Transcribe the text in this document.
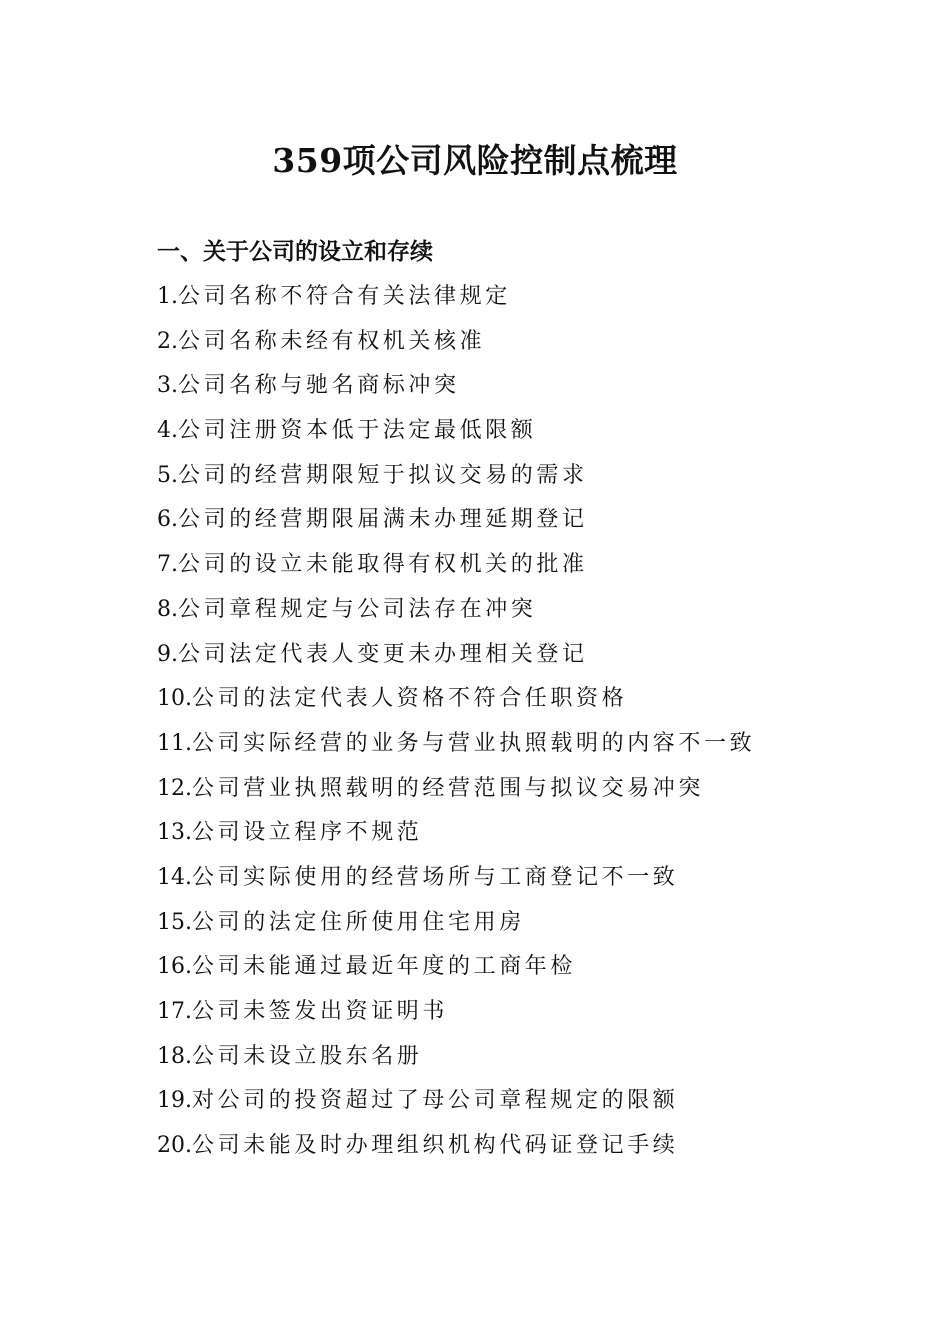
359项公司风险控制点梳理
一、关于公司的设立和存续
1.公司名称不符合有关法律规定
2.公司名称未经有权机关核准
3.公司名称与驰名商标冲突
4.公司注册资本低于法定最低限额
5.公司的经营期限短于拟议交易的需求
6.公司的经营期限届满未办理延期登记
7.公司的设立未能取得有权机关的批准
8.公司章程规定与公司法存在冲突
9.公司法定代表人变更未办理相关登记
10.公司的法定代表人资格不符合任职资格
11.公司实际经营的业务与营业执照载明的内容不一致
12.公司营业执照载明的经营范围与拟议交易冲突
13.公司设立程序不规范
14.公司实际使用的经营场所与工商登记不一致
15.公司的法定住所使用住宅用房
16.公司未能通过最近年度的工商年检
17.公司未签发出资证明书
18.公司未设立股东名册
19.对公司的投资超过了母公司章程规定的限额
20.公司未能及时办理组织机构代码证登记手续
